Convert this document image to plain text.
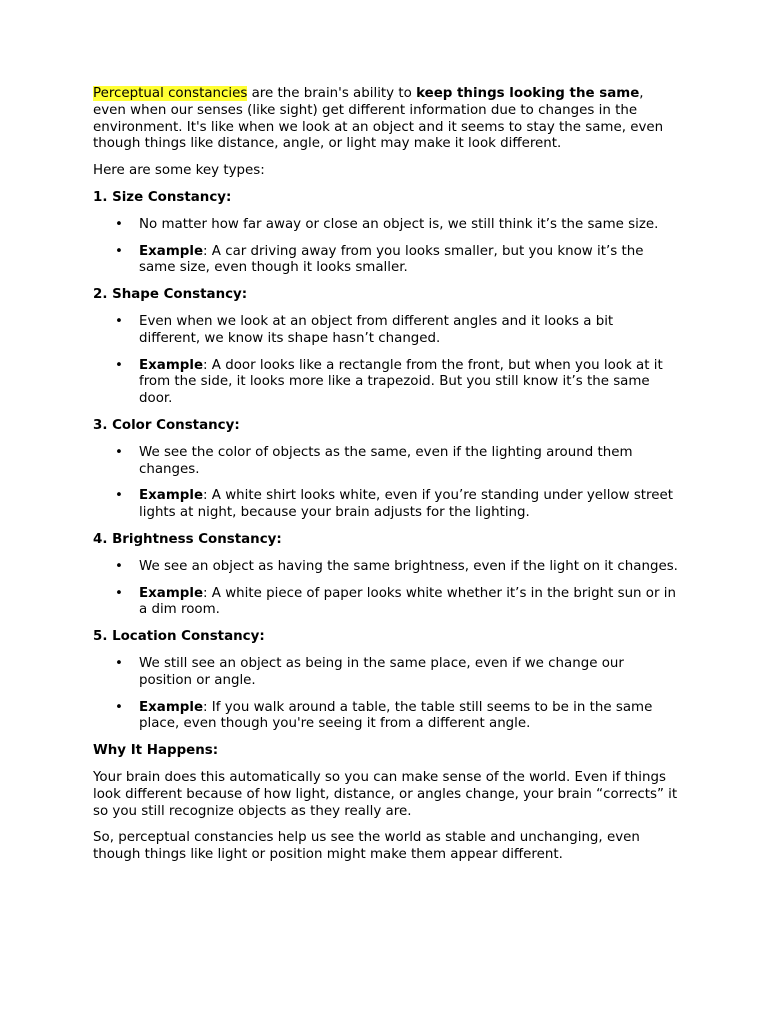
Perceptual constancies are the brain's ability to keep things looking the same, even when our senses (like sight) get different information due to changes in the environment. It's like when we look at an object and it seems to stay the same, even though things like distance, angle, or light may make it look different.

Here are some key types:

1. Size Constancy:

• No matter how far away or close an object is, we still think it’s the same size.
• Example: A car driving away from you looks smaller, but you know it’s the same size, even though it looks smaller.

2. Shape Constancy:

• Even when we look at an object from different angles and it looks a bit different, we know its shape hasn’t changed.
• Example: A door looks like a rectangle from the front, but when you look at it from the side, it looks more like a trapezoid. But you still know it’s the same door.

3. Color Constancy:

• We see the color of objects as the same, even if the lighting around them changes.
• Example: A white shirt looks white, even if you’re standing under yellow street lights at night, because your brain adjusts for the lighting.

4. Brightness Constancy:

• We see an object as having the same brightness, even if the light on it changes.
• Example: A white piece of paper looks white whether it’s in the bright sun or in a dim room.

5. Location Constancy:

• We still see an object as being in the same place, even if we change our position or angle.
• Example: If you walk around a table, the table still seems to be in the same place, even though you're seeing it from a different angle.

Why It Happens:

Your brain does this automatically so you can make sense of the world. Even if things look different because of how light, distance, or angles change, your brain “corrects” it so you still recognize objects as they really are.

So, perceptual constancies help us see the world as stable and unchanging, even though things like light or position might make them appear different.
